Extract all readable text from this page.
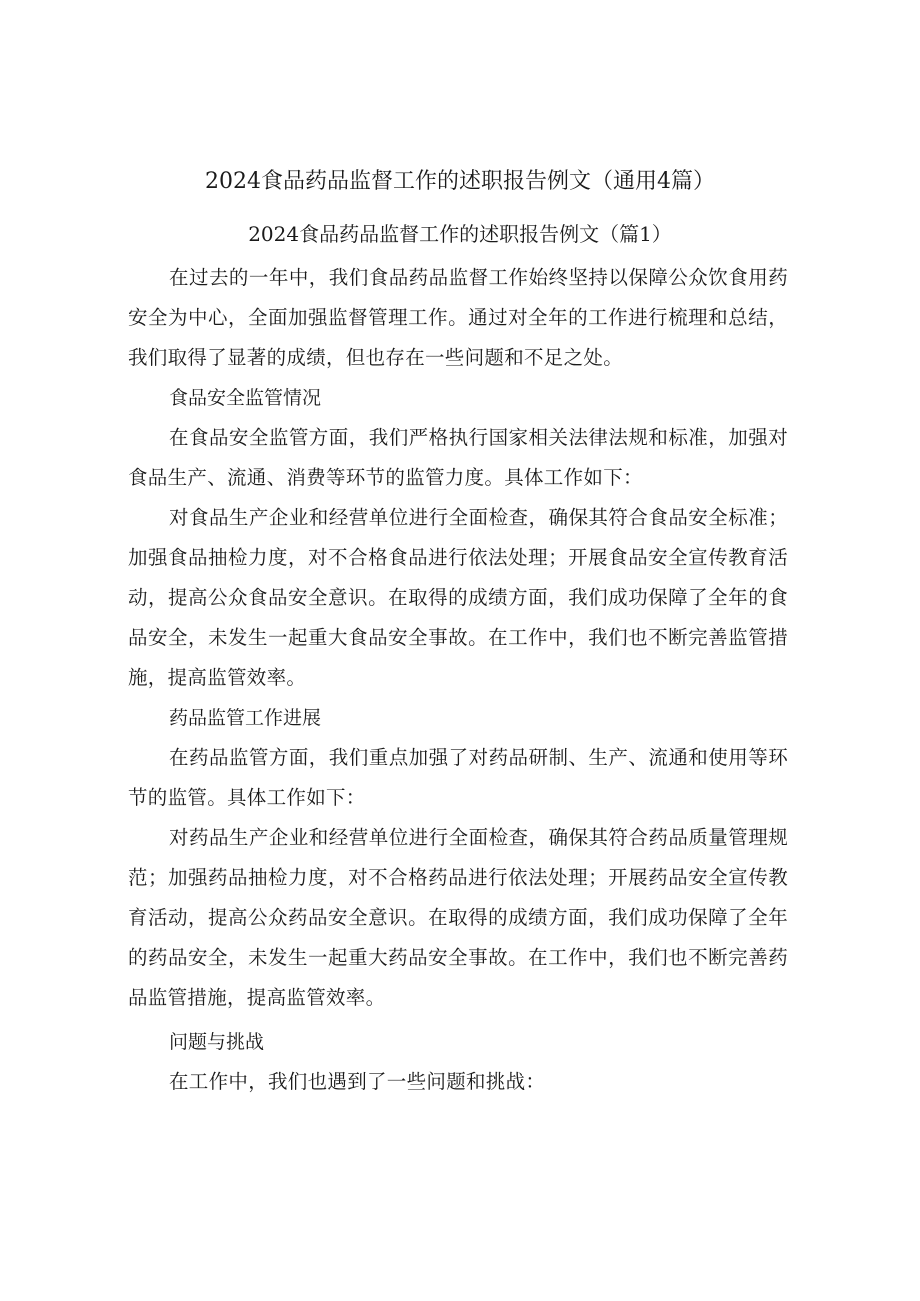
2024食品药品监督工作的述职报告例文（通用4篇）
2024食品药品监督工作的述职报告例文（篇1）

在过去的一年中，我们食品药品监督工作始终坚持以保障公众饮食用药安全为中心，全面加强监督管理工作。通过对全年的工作进行梳理和总结，我们取得了显著的成绩，但也存在一些问题和不足之处。

食品安全监管情况

在食品安全监管方面，我们严格执行国家相关法律法规和标准，加强对食品生产、流通、消费等环节的监管力度。具体工作如下：

对食品生产企业和经营单位进行全面检查，确保其符合食品安全标准；加强食品抽检力度，对不合格食品进行依法处理；开展食品安全宣传教育活动，提高公众食品安全意识。在取得的成绩方面，我们成功保障了全年的食品安全，未发生一起重大食品安全事故。在工作中，我们也不断完善监管措施，提高监管效率。

药品监管工作进展

在药品监管方面，我们重点加强了对药品研制、生产、流通和使用等环节的监管。具体工作如下：

对药品生产企业和经营单位进行全面检查，确保其符合药品质量管理规范；加强药品抽检力度，对不合格药品进行依法处理；开展药品安全宣传教育活动，提高公众药品安全意识。在取得的成绩方面，我们成功保障了全年的药品安全，未发生一起重大药品安全事故。在工作中，我们也不断完善药品监管措施，提高监管效率。

问题与挑战

在工作中，我们也遇到了一些问题和挑战：
